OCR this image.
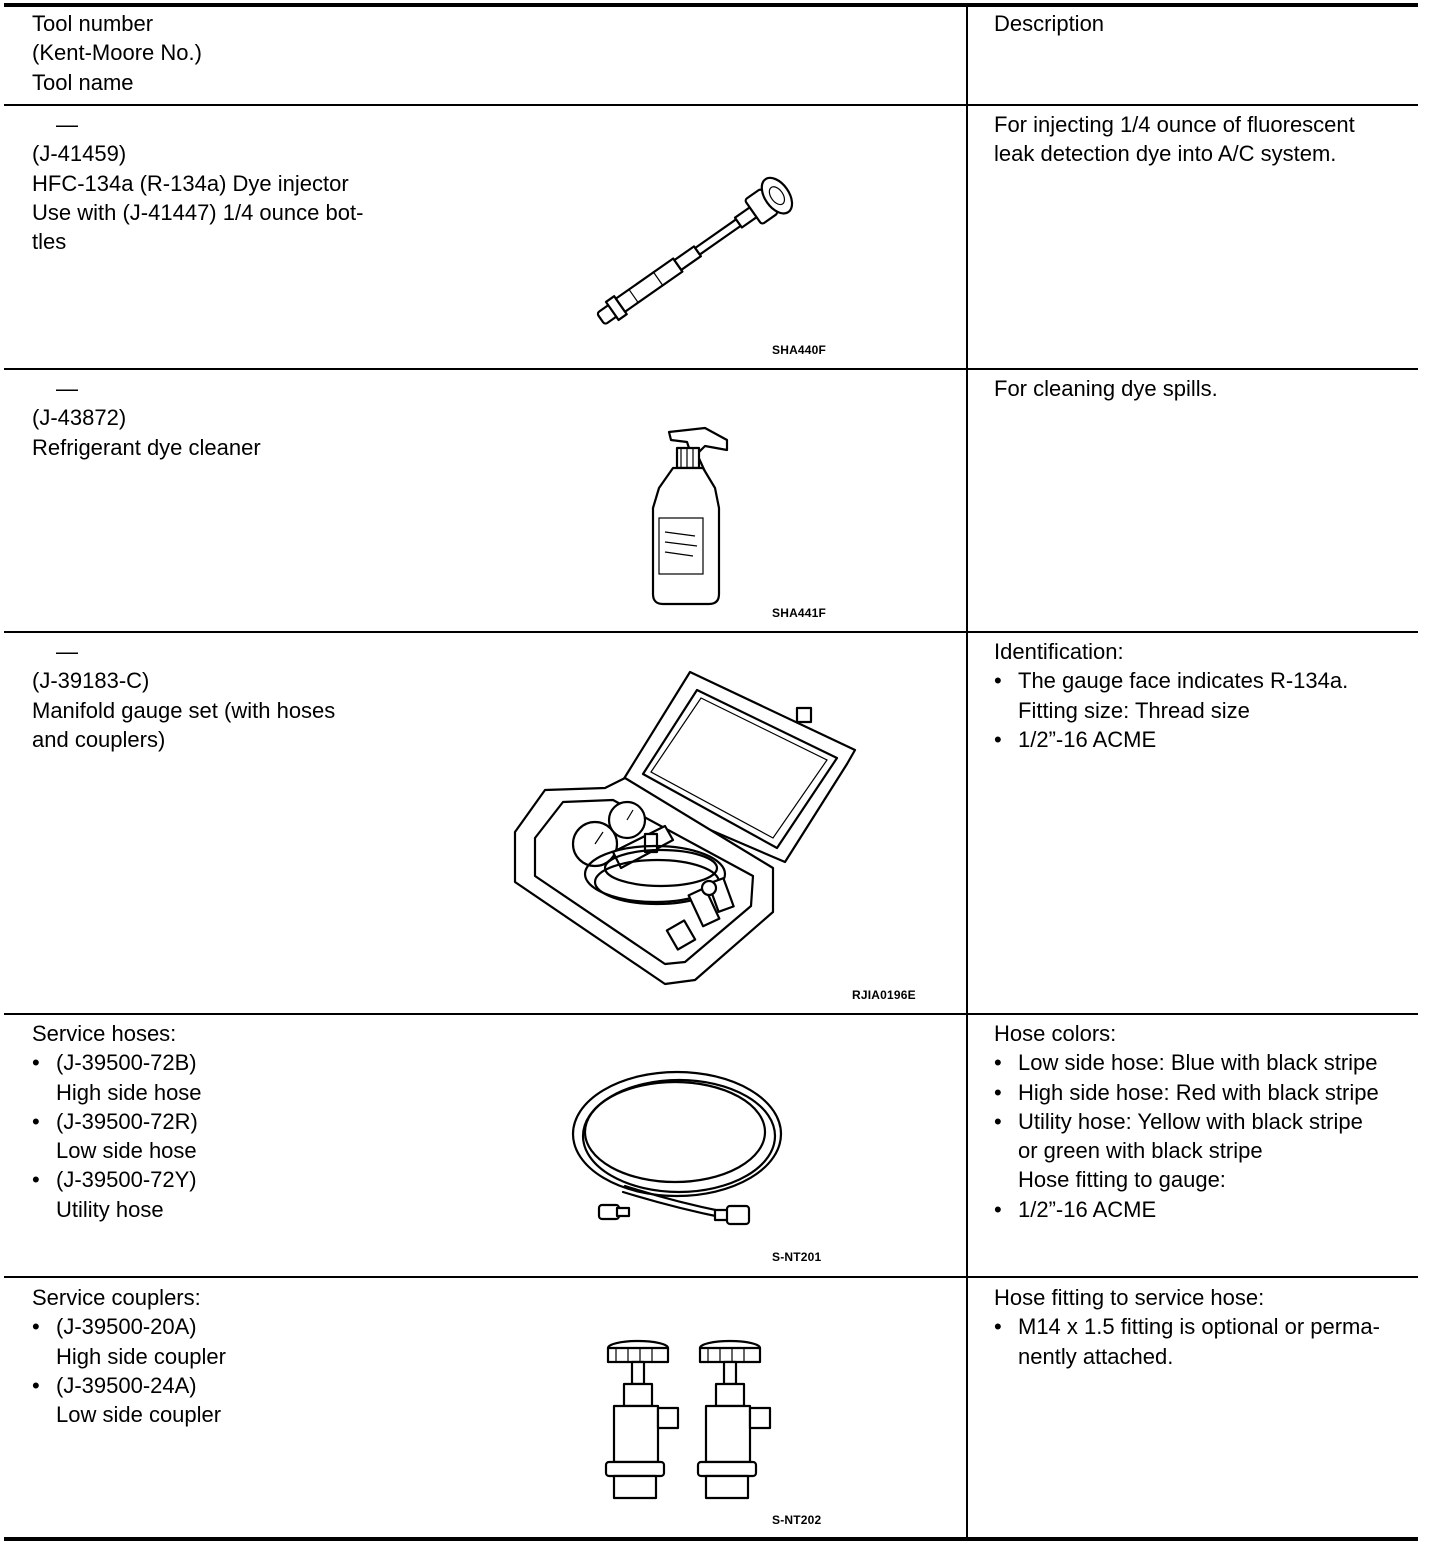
Tool number
(Kent-Moore No.)
Tool name
Description
—
(J-41459)
HFC-134a (R-134a) Dye injector
Use with (J-41447) 1/4 ounce bot-
tles
SHA440F
For injecting 1/4 ounce of fluorescent
leak detection dye into A/C system.
—
(J-43872)
Refrigerant dye cleaner
SHA441F
For cleaning dye spills.
—
(J-39183-C)
Manifold gauge set (with hoses
and couplers)
RJIA0196E
Identification:
• The gauge face indicates R-134a.
Fitting size: Thread size
• 1/2”-16 ACME
Service hoses:
• (J-39500-72B)
High side hose
• (J-39500-72R)
Low side hose
• (J-39500-72Y)
Utility hose
S-NT201
Hose colors:
• Low side hose: Blue with black stripe
• High side hose: Red with black stripe
• Utility hose: Yellow with black stripe
or green with black stripe
Hose fitting to gauge:
• 1/2”-16 ACME
Service couplers:
• (J-39500-20A)
High side coupler
• (J-39500-24A)
Low side coupler
S-NT202
Hose fitting to service hose:
• M14 x 1.5 fitting is optional or perma-
nently attached.
